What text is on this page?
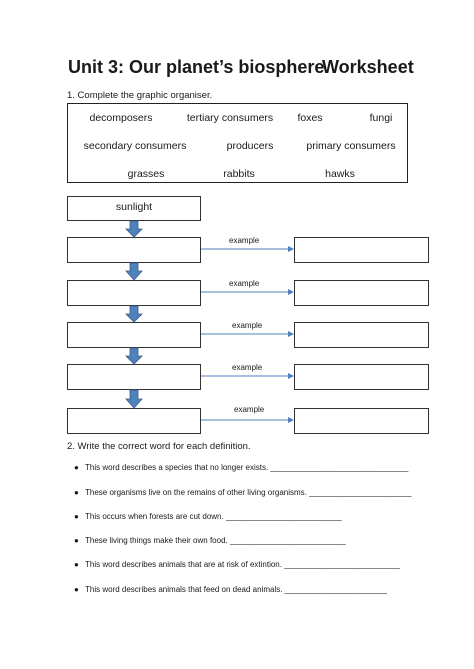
Unit 3: Our planet’s biosphere
Worksheet
1. Complete the graphic organiser.
decomposers	tertiary consumers foxes	fungi
secondary consumers	producers	primary consumers
grasses	rabbits	hawks
sunlight
example
example
example
example
example
2. Write the correct word for each definition.
● This word describes a species that no longer exists. _______________________________
● These organisms live on the remains of other living organisms. _______________________
● This occurs when forests are cut down. __________________________
● These living things make their own food. __________________________
● This word describes animals that are at risk of extintion. __________________________
● This word describes animals that feed on dead animals. _______________________
